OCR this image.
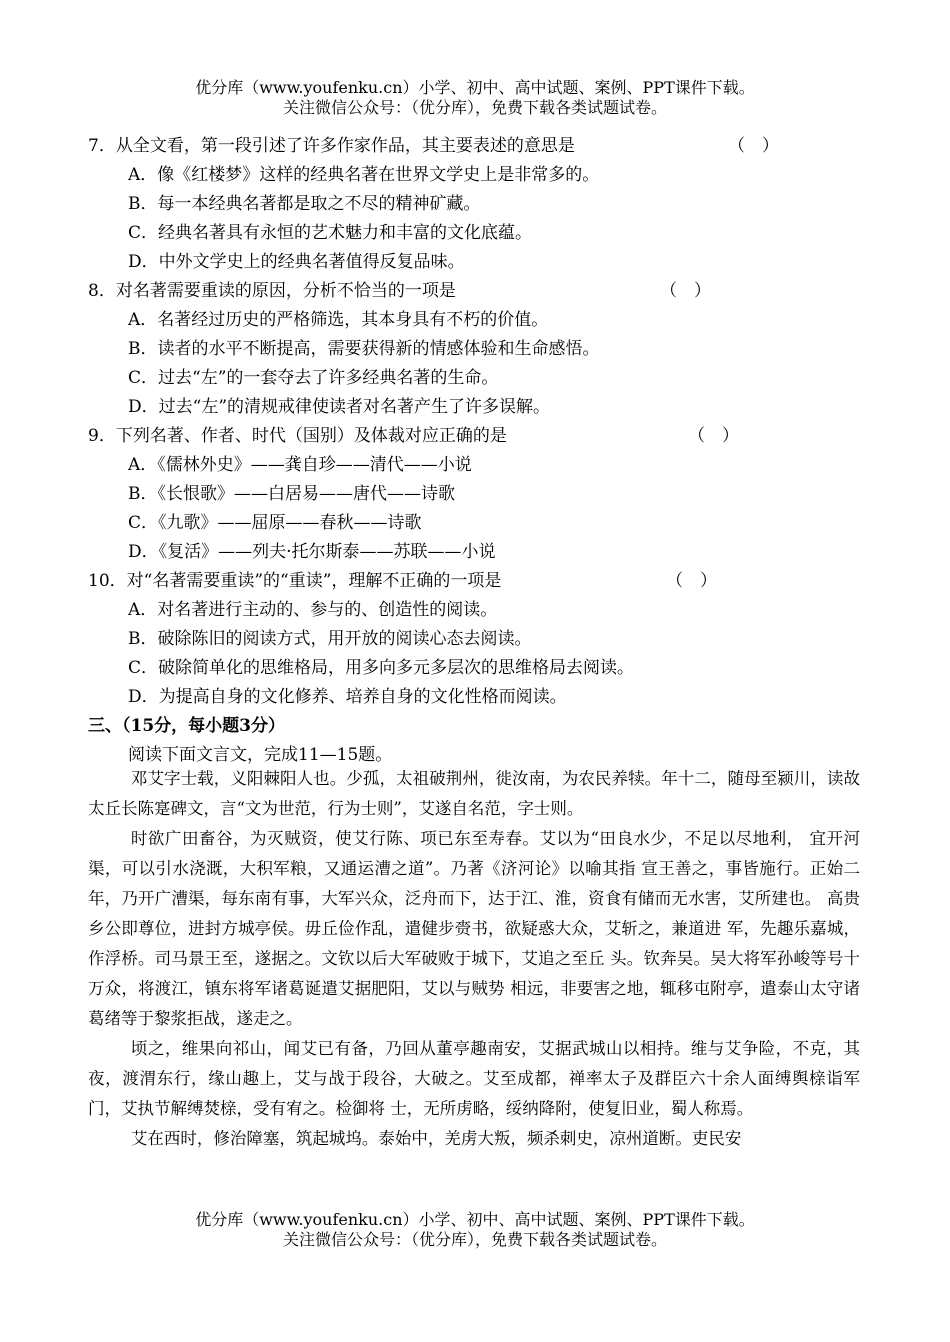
优分库（www.youfenku.cn）小学、初中、高中试题、案例、PPT课件下载。
关注微信公众号：（优分库），免费下载各类试题试卷。
7．从全文看，第一段引述了许多作家作品，其主要表述的意思是	（　）
A．像《红楼梦》这样的经典名著在世界文学史上是非常多的。
B．每一本经典名著都是取之不尽的精神矿藏。
C．经典名著具有永恒的艺术魅力和丰富的文化底蕴。
D．中外文学史上的经典名著值得反复品味。
8．对名著需要重读的原因，分析不恰当的一项是	（　）
A．名著经过历史的严格筛选，其本身具有不朽的价值。
B．读者的水平不断提高，需要获得新的情感体验和生命感悟。
C．过去“左”的一套夺去了许多经典名著的生命。
D．过去“左”的清规戒律使读者对名著产生了许多误解。
9．下列名著、作者、时代（国别）及体裁对应正确的是	（　）
A．《儒林外史》——龚自珍——清代——小说
B．《长恨歌》——白居易——唐代——诗歌
C．《九歌》——屈原——春秋——诗歌
D．《复活》——列夫·托尔斯泰——苏联——小说
10．对“名著需要重读”的“重读”，理解不正确的一项是	（　）
A．对名著进行主动的、参与的、创造性的阅读。
B．破除陈旧的阅读方式，用开放的阅读心态去阅读。
C．破除简单化的思维格局，用多向多元多层次的思维格局去阅读。
D．为提高自身的文化修养、培养自身的文化性格而阅读。
三、（15分，每小题3分）
阅读下面文言文，完成11—15题。

邓艾字士载，义阳棘阳人也。少孤，太祖破荆州，徙汝南，为农民养犊。年十二，随母至颍川，读故太丘长陈寔碑文，言“文为世范，行为士则”，艾遂自名范，字士则。

时欲广田畜谷，为灭贼资，使艾行陈、项已东至寿春。艾以为“田良水少，不足以尽地利， 宜开河渠，可以引水浇溉，大积军粮，又通运漕之道”。乃著《济河论》以喻其指 宣王善之，事皆施行。正始二年，乃开广漕渠，每东南有事，大军兴众，泛舟而下，达于江、淮，资食有储而无水害，艾所建也。 高贵乡公即尊位，进封方城亭侯。毋丘俭作乱，遣健步赍书，欲疑惑大众，艾斩之，兼道进 军，先趣乐嘉城，作浮桥。司马景王至，遂据之。文钦以后大军破败于城下，艾追之至丘 头。钦奔吴。吴大将军孙峻等号十万众，将渡江，镇东将军诸葛诞遣艾据肥阳，艾以与贼势 相远，非要害之地，辄移屯附亭，遣泰山太守诸葛绪等于黎浆拒战，遂走之。

顷之，维果向祁山，闻艾已有备，乃回从董亭趣南安，艾据武城山以相持。维与艾争险，不克，其夜，渡渭东行，缘山趣上，艾与战于段谷，大破之。艾至成都，禅率太子及群臣六十余人面缚舆榇诣军门，艾执节解缚焚榇，受有宥之。检御将 士，无所虏略，绥纳降附，使复旧业，蜀人称焉。

艾在西时，修治障塞，筑起城坞。泰始中，羌虏大叛，频杀刺史，凉州道断。吏民安

优分库（www.youfenku.cn）小学、初中、高中试题、案例、PPT课件下载。
关注微信公众号：（优分库），免费下载各类试题试卷。
